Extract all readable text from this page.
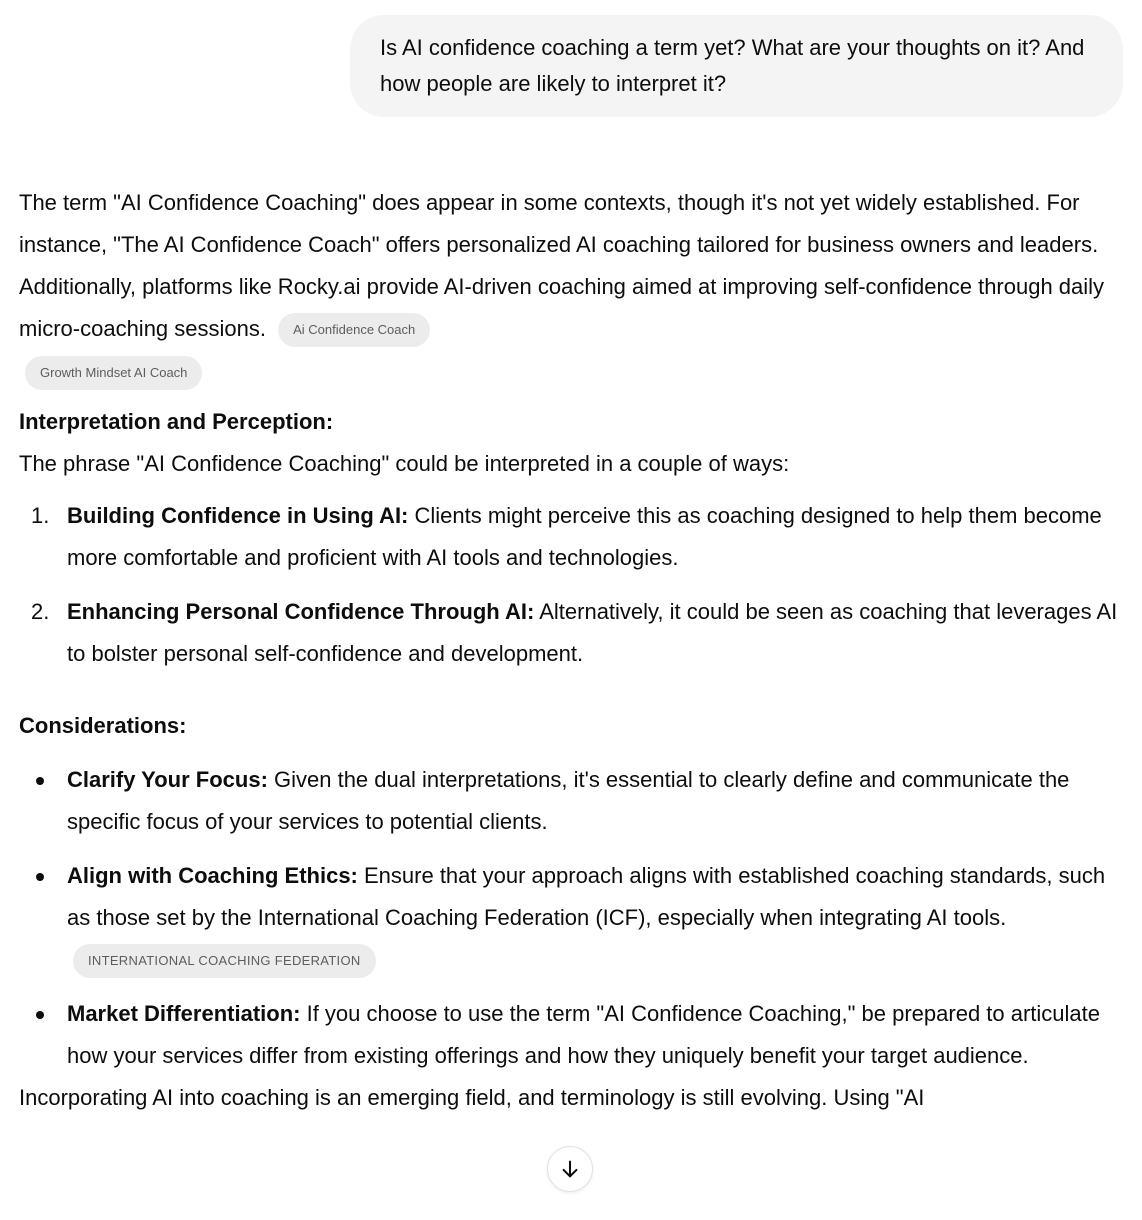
Is AI confidence coaching a term yet? What are your thoughts on it? And how people are likely to interpret it?

The term "AI Confidence Coaching" does appear in some contexts, though it's not yet widely established. For instance, "The AI Confidence Coach" offers personalized AI coaching tailored for business owners and leaders. Additionally, platforms like Rocky.ai provide AI-driven coaching aimed at improving self-confidence through daily micro-coaching sessions. Ai Confidence Coach

Growth Mindset AI Coach
Interpretation and Perception:

The phrase "AI Confidence Coaching" could be interpreted in a couple of ways:

1. Building Confidence in Using AI: Clients might perceive this as coaching designed to help them become more comfortable and proficient with AI tools and technologies.
2. Enhancing Personal Confidence Through AI: Alternatively, it could be seen as coaching that leverages AI to bolster personal self-confidence and development.
Considerations:
Clarify Your Focus: Given the dual interpretations, it's essential to clearly define and communicate the specific focus of your services to potential clients.
Align with Coaching Ethics: Ensure that your approach aligns with established coaching standards, such as those set by the International Coaching Federation (ICF), especially when integrating AI tools. INTERNATIONAL COACHING FEDERATION
Market Differentiation: If you choose to use the term "AI Confidence Coaching," be prepared to articulate how your services differ from existing offerings and how they uniquely benefit your target audience.

Incorporating AI into coaching is an emerging field, and terminology is still evolving. Using "AI
